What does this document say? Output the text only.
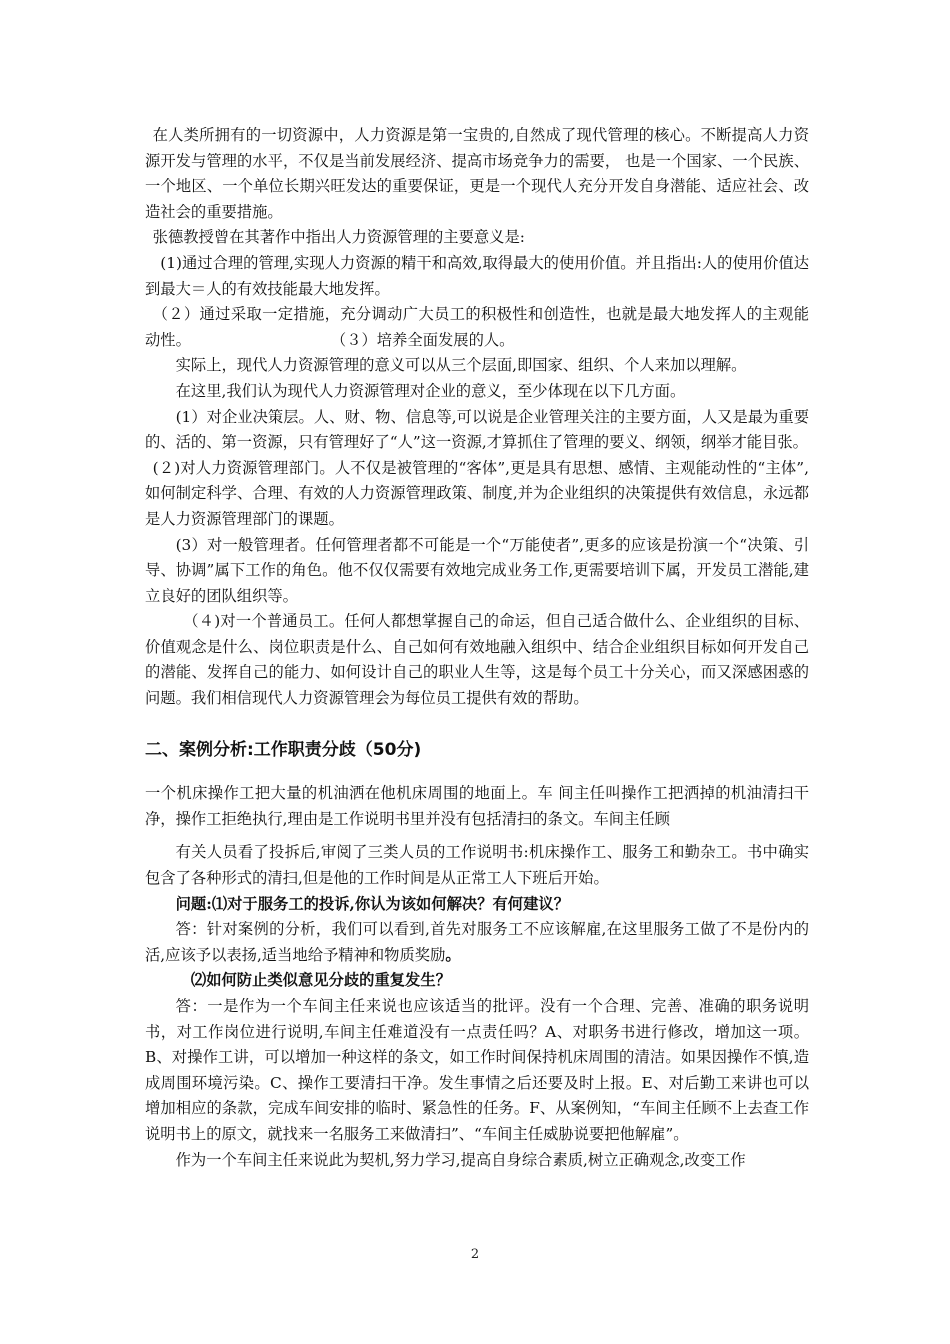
在人类所拥有的一切资源中，人力资源是第一宝贵的,自然成了现代管理的核心。不断提高人力资源开发与管理的水平，不仅是当前发展经济、提高市场竞争力的需要， 也是一个国家、一个民族、一个地区、一个单位长期兴旺发达的重要保证，更是一个现代人充分开发自身潜能、适应社会、改造社会的重要措施。

张德教授曾在其著作中指出人力资源管理的主要意义是:

(1)通过合理的管理,实现人力资源的精干和高效,取得最大的使用价值。并且指出:人的使用价值达到最大＝人的有效技能最大地发挥。

（２）通过采取一定措施，充分调动广大员工的积极性和创造性，也就是最大地发挥人的主观能动性。	（３）培养全面发展的人。

实际上，现代人力资源管理的意义可以从三个层面,即国家、组织、个人来加以理解。

在这里,我们认为现代人力资源管理对企业的意义，至少体现在以下几方面。

(1）对企业决策层。人、财、物、信息等,可以说是企业管理关注的主要方面，人又是最为重要的、活的、第一资源，只有管理好了“人”这一资源,才算抓住了管理的要义、纲领，纲举才能目张。

(２)对人力资源管理部门。人不仅是被管理的“客体”,更是具有思想、感情、主观能动性的“主体”,如何制定科学、合理、有效的人力资源管理政策、制度,并为企业组织的决策提供有效信息，永远都是人力资源管理部门的课题。

(3）对一般管理者。任何管理者都不可能是一个“万能使者”,更多的应该是扮演一个“决策、引导、协调”属下工作的角色。他不仅仅需要有效地完成业务工作,更需要培训下属，开发员工潜能,建立良好的团队组织等。

（４)对一个普通员工。任何人都想掌握自己的命运，但自己适合做什么、企业组织的目标、价值观念是什么、岗位职责是什么、自己如何有效地融入组织中、结合企业组织目标如何开发自己的潜能、发挥自己的能力、如何设计自己的职业人生等，这是每个员工十分关心，而又深感困惑的问题。我们相信现代人力资源管理会为每位员工提供有效的帮助。

二、案例分析:工作职责分歧（50分)

一个机床操作工把大量的机油洒在他机床周围的地面上。车 间主任叫操作工把洒掉的机油清扫干净，操作工拒绝执行,理由是工作说明书里并没有包括清扫的条文。车间主任顾

有关人员看了投拆后,审阅了三类人员的工作说明书:机床操作工、服务工和勤杂工。书中确实包含了各种形式的清扫,但是他的工作时间是从正常工人下班后开始。

问题:⑴对于服务工的投诉,你认为该如何解决？有何建议？

答：针对案例的分析，我们可以看到,首先对服务工不应该解雇,在这里服务工做了不是份内的活,应该予以表扬,适当地给予精神和物质奖励。

⑵如何防止类似意见分歧的重复发生？

答：一是作为一个车间主任来说也应该适当的批评。没有一个合理、完善、准确的职务说明书，对工作岗位进行说明,车间主任难道没有一点责任吗？A、对职务书进行修改，增加这一项。B、对操作工讲，可以增加一种这样的条文，如工作时间保持机床周围的清洁。如果因操作不慎,造成周围环境污染。C、操作工要清扫干净。发生事情之后还要及时上报。E、对后勤工来讲也可以增加相应的条款，完成车间安排的临时、紧急性的任务。F、从案例知，“车间主任顾不上去查工作说明书上的原文，就找来一名服务工来做清扫”、“车间主任威胁说要把他解雇”。

作为一个车间主任来说此为契机,努力学习,提高自身综合素质,树立正确观念,改变工作

2
